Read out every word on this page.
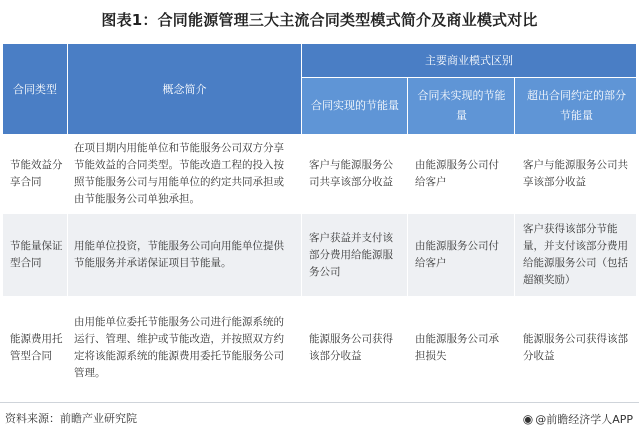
图表1：合同能源管理三大主流合同类型模式简介及商业模式对比
合同类型	概念简介	主要商业模式区别		
		合同实现的节能量	合同未实现的节能量	超出合同约定的部分节能量
节能效益分享合同	在项目期内用能单位和节能服务公司双方分享节能效益的合同类型。节能改造工程的投入按照节能服务公司与用能单位的约定共同承担或由节能服务公司单独承担。	客户与能源服务公司共享该部分收益	由能源服务公司付给客户	客户与能源服务公司共享该部分收益
节能量保证型合同	用能单位投资，节能服务公司向用能单位提供节能服务并承诺保证项目节能量。	客户获益并支付该部分费用给能源服务公司	由能源服务公司付给客户	客户获得该部分节能量，并支付该部分费用给能源服务公司（包括超额奖励）
能源费用托管型合同	由用能单位委托节能服务公司进行能源系统的运行、管理、维护或节能改造，并按照双方约定将该能源系统的能源费用委托节能服务公司管理。	能源服务公司获得该部分收益	由能源服务公司承担损失	能源服务公司获得该部分收益
资料来源：前瞻产业研究院	◉ @前瞻经济学人APP
